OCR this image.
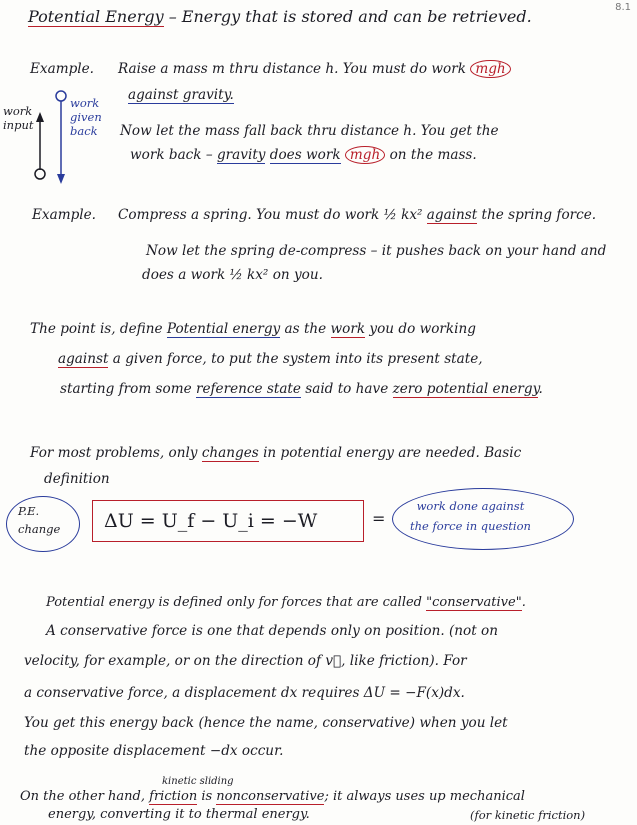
8.1
Potential Energy – Energy that is stored and can be retrieved.
Example. Raise a mass m thru distance h. You must do work mgh
against gravity.
Now let the mass fall back thru distance h. You get the
work back – gravity does work mgh on the mass.
work
input
work
given
back
Example. Compress a spring. You must do work ½ kx² against the spring force.
Now let the spring de-compress – it pushes back on your hand and
does a work ½ kx² on you.
The point is, define Potential energy as the work you do working
against a given force, to put the system into its present state,
starting from some reference state said to have zero potential energy.
For most problems, only changes in potential energy are needed. Basic
definition
P.E.
change ΔU = U_f − U_i = −W	=
work done against
the force in question
Potential energy is defined only for forces that are called "conservative".
A conservative force is one that depends only on position. (not on
velocity, for example, or on the direction of v⃗, like friction). For
a conservative force, a displacement dx requires ΔU = −F(x)dx.
You get this energy back (hence the name, conservative) when you let
the opposite displacement −dx occur.
kinetic sliding
On the other hand, friction is nonconservative; it always uses up mechanical
energy, converting it to thermal energy.	(for kinetic friction)
